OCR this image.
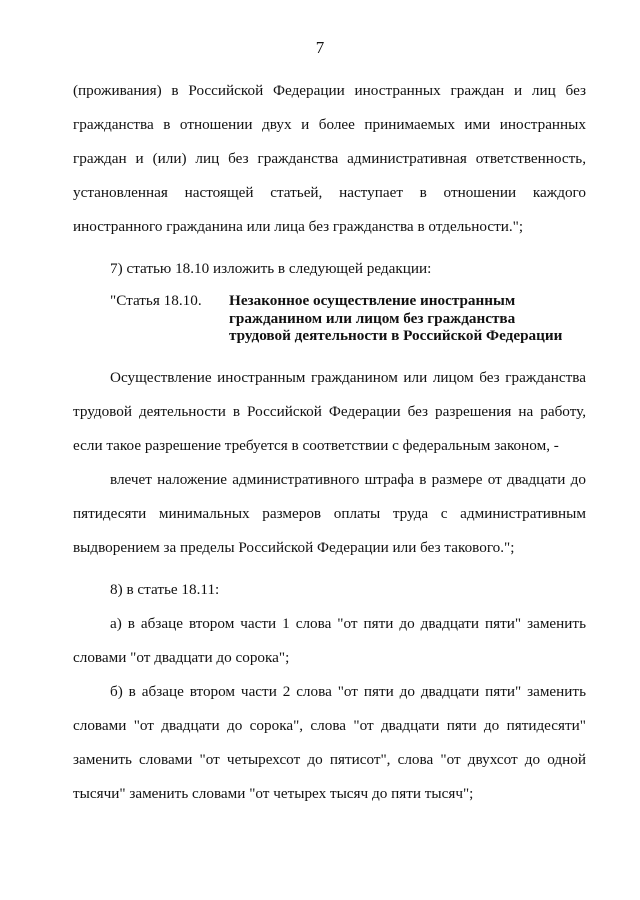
7

(проживания) в Российской Федерации иностранных граждан и лиц без гражданства в отношении двух и более принимаемых ими иностранных граждан и (или) лиц без гражданства административная ответственность, установленная настоящей статьей, наступает в отношении каждого иностранного гражданина или лица без гражданства в отдельности.";

7) статью 18.10 изложить в следующей редакции:

"Статья 18.10.	Незаконное осуществление иностранным
гражданином или лицом без гражданства
трудовой деятельности в Российской Федерации

Осуществление иностранным гражданином или лицом без гражданства трудовой деятельности в Российской Федерации без разрешения на работу, если такое разрешение требуется в соответствии с федеральным законом, -

влечет наложение административного штрафа в размере от двадцати до пятидесяти минимальных размеров оплаты труда с административным выдворением за пределы Российской Федерации или без такового.";

8) в статье 18.11:

а) в абзаце втором части 1 слова "от пяти до двадцати пяти" заменить словами "от двадцати до сорока";

б) в абзаце втором части 2 слова "от пяти до двадцати пяти" заменить словами "от двадцати до сорока", слова "от двадцати пяти до пятидесяти" заменить словами "от четырехсот до пятисот", слова "от двухсот до одной тысячи" заменить словами "от четырех тысяч до пяти тысяч";
